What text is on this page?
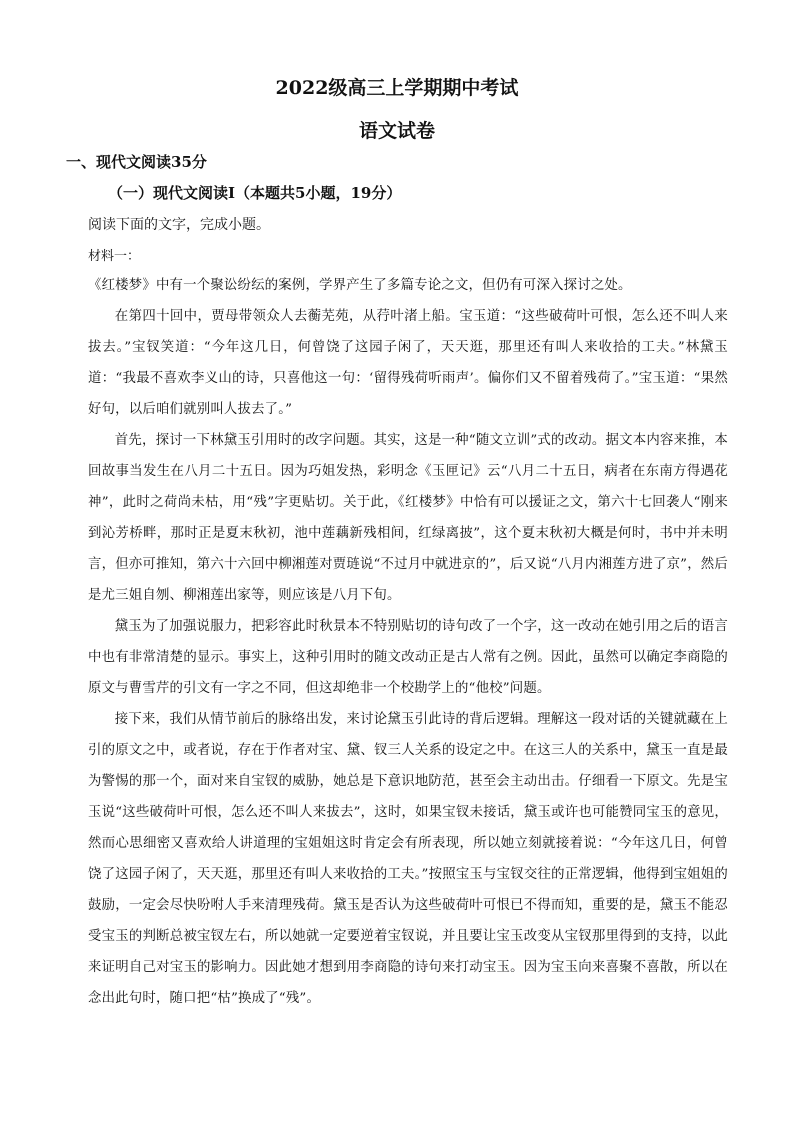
2022级高三上学期期中考试
语文试卷
一、现代文阅读35分
（一）现代文阅读Ⅰ（本题共5小题，19分）
阅读下面的文字，完成小题。
材料一：

《红楼梦》中有一个聚讼纷纭的案例，学界产生了多篇专论之文，但仍有可深入探讨之处。

在第四十回中，贾母带领众人去蘅芜苑，从荇叶渚上船。宝玉道：“这些破荷叶可恨，怎么还不叫人来拔去。”宝钗笑道：“今年这几日，何曾饶了这园子闲了，天天逛，那里还有叫人来收拾的工夫。”林黛玉道：“我最不喜欢李义山的诗，只喜他这一句：‘留得残荷听雨声’。偏你们又不留着残荷了。”宝玉道：“果然好句，以后咱们就别叫人拔去了。”

首先，探讨一下林黛玉引用时的改字问题。其实，这是一种“随文立训”式的改动。据文本内容来推，本回故事当发生在八月二十五日。因为巧姐发热，彩明念《玉匣记》云“八月二十五日，病者在东南方得遇花神”，此时之荷尚未枯，用“残”字更贴切。关于此，《红楼梦》中恰有可以援证之文，第六十七回袭人“刚来到沁芳桥畔，那时正是夏末秋初，池中莲藕新残相间，红绿离披”，这个夏末秋初大概是何时，书中并未明言，但亦可推知，第六十六回中柳湘莲对贾琏说“不过月中就进京的”，后又说“八月内湘莲方进了京”，然后是尤三姐自刎、柳湘莲出家等，则应该是八月下旬。

黛玉为了加强说服力，把彩容此时秋景本不特别贴切的诗句改了一个字，这一改动在她引用之后的语言中也有非常清楚的显示。事实上，这种引用时的随文改动正是古人常有之例。因此，虽然可以确定李商隐的原文与曹雪芹的引文有一字之不同，但这却绝非一个校勘学上的“他校”问题。

接下来，我们从情节前后的脉络出发，来讨论黛玉引此诗的背后逻辑。理解这一段对话的关键就藏在上引的原文之中，或者说，存在于作者对宝、黛、钗三人关系的设定之中。在这三人的关系中，黛玉一直是最为警惕的那一个，面对来自宝钗的威胁，她总是下意识地防范，甚至会主动出击。仔细看一下原文。先是宝玉说“这些破荷叶可恨，怎么还不叫人来拔去”，这时，如果宝钗未接话，黛玉或许也可能赞同宝玉的意见，然而心思细密又喜欢给人讲道理的宝姐姐这时肯定会有所表现，所以她立刻就接着说：“今年这几日，何曾饶了这园子闲了，天天逛，那里还有叫人来收拾的工夫。”按照宝玉与宝钗交往的正常逻辑，他得到宝姐姐的鼓励，一定会尽快吩咐人手来清理残荷。黛玉是否认为这些破荷叶可恨已不得而知，重要的是，黛玉不能忍受宝玉的判断总被宝钗左右，所以她就一定要逆着宝钗说，并且要让宝玉改变从宝钗那里得到的支持，以此来证明自己对宝玉的影响力。因此她才想到用李商隐的诗句来打动宝玉。因为宝玉向来喜聚不喜散，所以在念出此句时，随口把“枯”换成了“残”。
